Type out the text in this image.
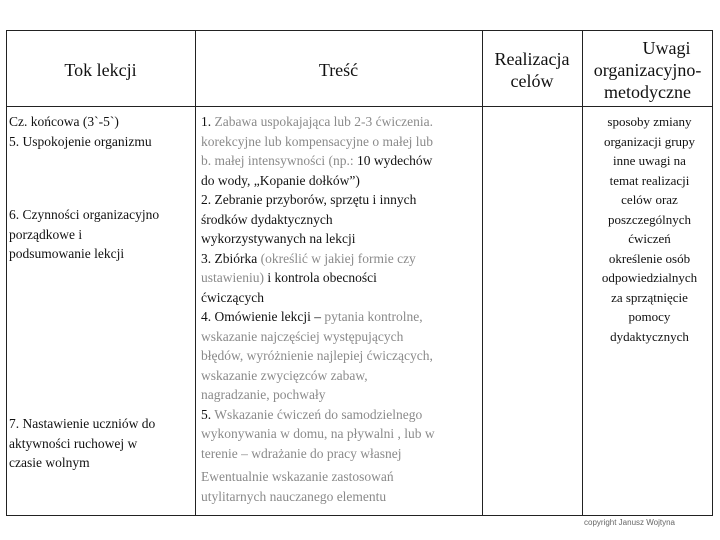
Tok lekcji	Treść
Realizacja
celów
Uwagi
organizacyjno-
metodyczne
Cz. końcowa (3`-5`)
5. Uspokojenie organizmu
6. Czynności organizacyjno
porządkowe i
podsumowanie lekcji
7. Nastawienie uczniów do
aktywności ruchowej w
czasie wolnym
1. Zabawa uspokajająca lub 2-3 ćwiczenia.
korekcyjne lub kompensacyjne o małej lub
b. małej intensywności (np.: 10 wydechów
do wody, „Kopanie dołków”)
2. Zebranie przyborów, sprzętu i innych
środków dydaktycznych
wykorzystywanych na lekcji
3. Zbiórka (określić w jakiej formie czy
ustawieniu) i kontrola obecności
ćwiczących
4. Omówienie lekcji – pytania kontrolne,
wskazanie najczęściej występujących
błędów, wyróżnienie najlepiej ćwiczących,
wskazanie zwycięzców zabaw,
nagradzanie, pochwały
5. Wskazanie ćwiczeń do samodzielnego
wykonywania w domu, na pływalni , lub w
terenie – wdrażanie do pracy własnej
Ewentualnie wskazanie zastosowań
utylitarnych nauczanego elementu
sposoby zmiany
organizacji grupy
inne uwagi na
temat realizacji
celów oraz
poszczególnych
ćwiczeń
określenie osób
odpowiedzialnych
za sprzątnięcie
pomocy
dydaktycznych
copyright Janusz Wojtyna
